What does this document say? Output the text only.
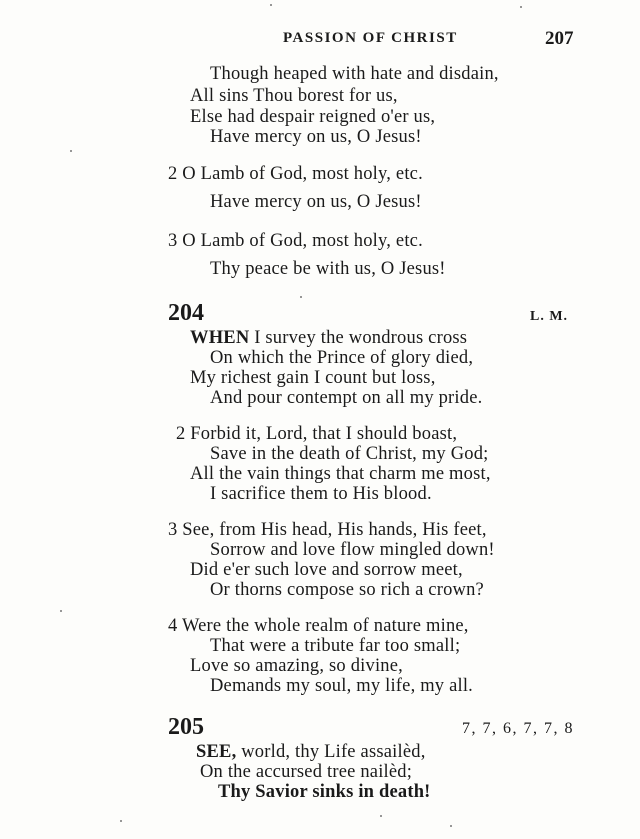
PASSION OF CHRIST	207
Though heaped with hate and disdain,
All sins Thou borest for us,
Else had despair reigned o'er us,
Have mercy on us, O Jesus!
2 O Lamb of God, most holy, etc.
Have mercy on us, O Jesus!
3 O Lamb of God, most holy, etc.
Thy peace be with us, O Jesus!
204	L. M.
WHEN I survey the wondrous cross
On which the Prince of glory died,
My richest gain I count but loss,
And pour contempt on all my pride.
2 Forbid it, Lord, that I should boast,
Save in the death of Christ, my God;
All the vain things that charm me most,
I sacrifice them to His blood.
3 See, from His head, His hands, His feet,
Sorrow and love flow mingled down!
Did e'er such love and sorrow meet,
Or thorns compose so rich a crown?
4 Were the whole realm of nature mine,
That were a tribute far too small;
Love so amazing, so divine,
Demands my soul, my life, my all.
205	7, 7, 6, 7, 7, 8
SEE, world, thy Life assailèd,
On the accursed tree nailèd;
Thy Savior sinks in death!
